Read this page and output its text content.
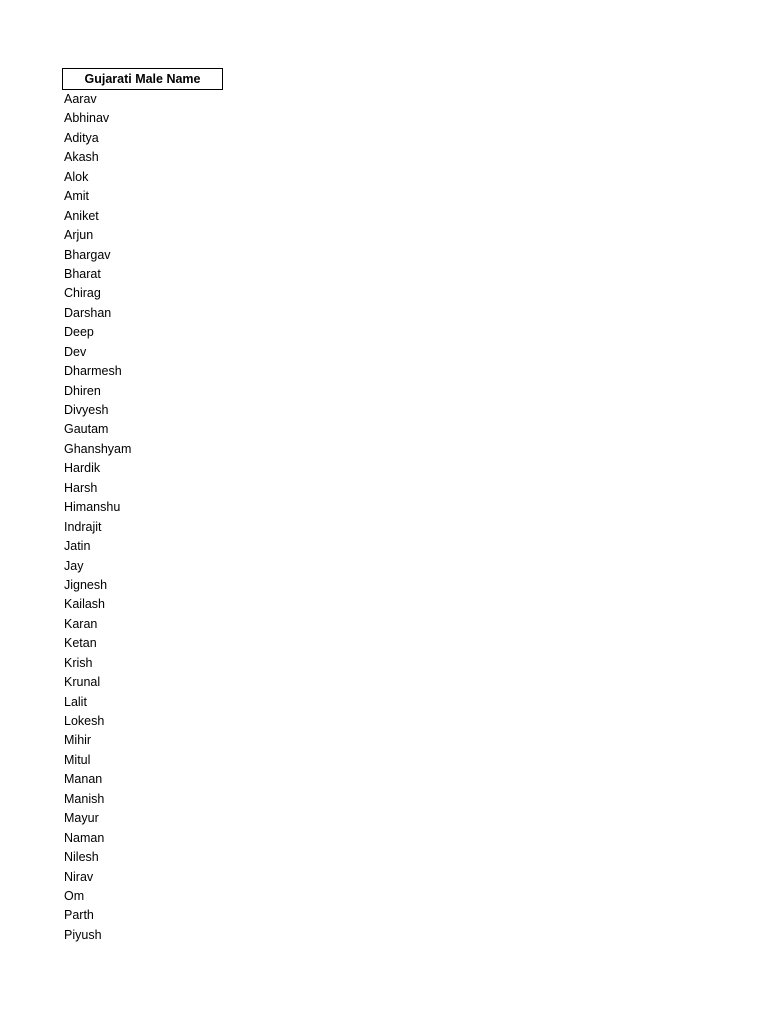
Gujarati Male Name
Aarav
Abhinav
Aditya
Akash
Alok
Amit
Aniket
Arjun
Bhargav
Bharat
Chirag
Darshan
Deep
Dev
Dharmesh
Dhiren
Divyesh
Gautam
Ghanshyam
Hardik
Harsh
Himanshu
Indrajit
Jatin
Jay
Jignesh
Kailash
Karan
Ketan
Krish
Krunal
Lalit
Lokesh
Mihir
Mitul
Manan
Manish
Mayur
Naman
Nilesh
Nirav
Om
Parth
Piyush
